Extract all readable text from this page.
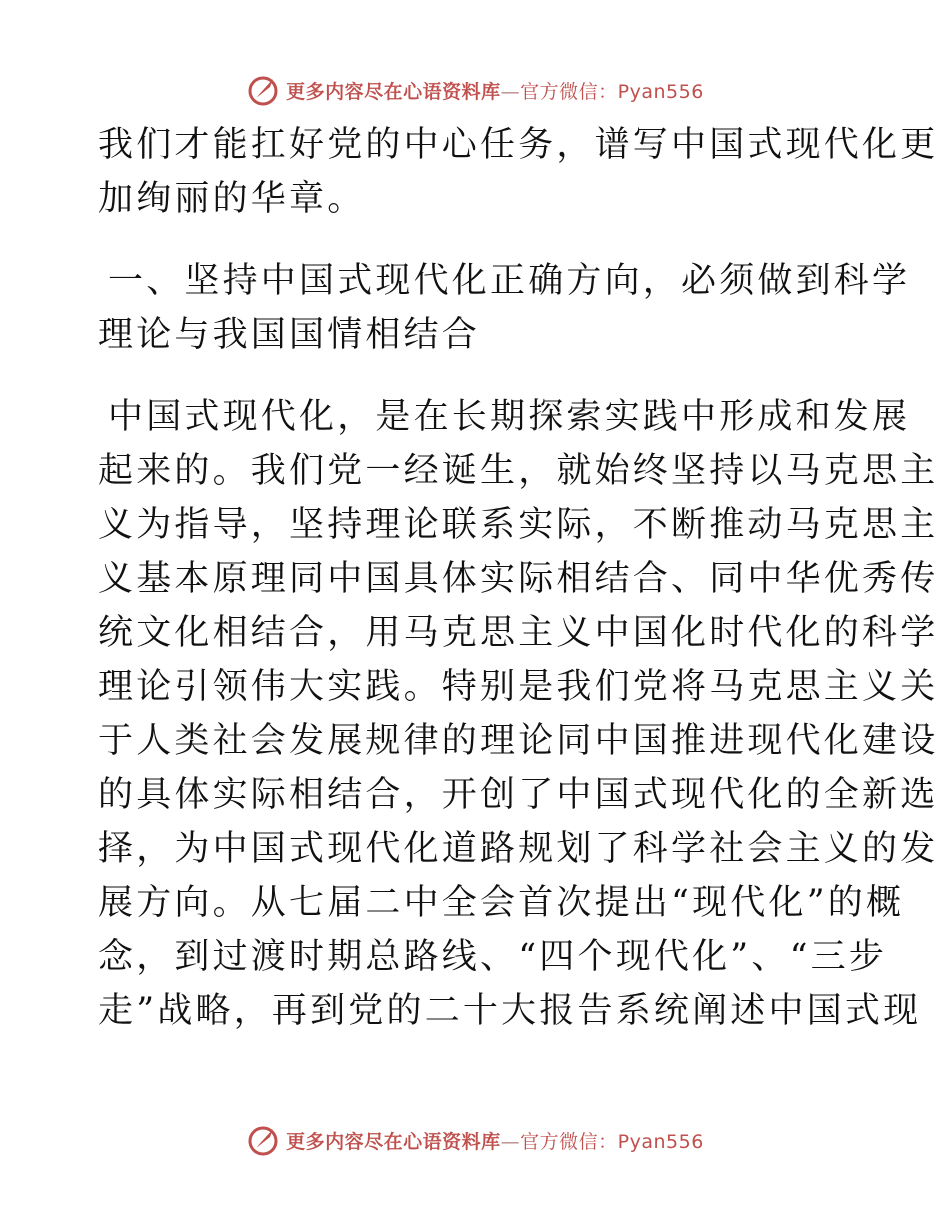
更多内容尽在心语资料库—官方微信：Pyan556
我们才能扛好党的中心任务，谱写中国式现代化更
加绚丽的华章。
一、坚持中国式现代化正确方向，必须做到科学
理论与我国国情相结合
中国式现代化，是在长期探索实践中形成和发展
起来的。我们党一经诞生，就始终坚持以马克思主
义为指导，坚持理论联系实际，不断推动马克思主
义基本原理同中国具体实际相结合、同中华优秀传
统文化相结合，用马克思主义中国化时代化的科学
理论引领伟大实践。特别是我们党将马克思主义关
于人类社会发展规律的理论同中国推进现代化建设
的具体实际相结合，开创了中国式现代化的全新选
择，为中国式现代化道路规划了科学社会主义的发
展方向。从七届二中全会首次提出“现代化”的概
念，到过渡时期总路线、“四个现代化”、“三步
走”战略，再到党的二十大报告系统阐述中国式现
更多内容尽在心语资料库—官方微信：Pyan556
